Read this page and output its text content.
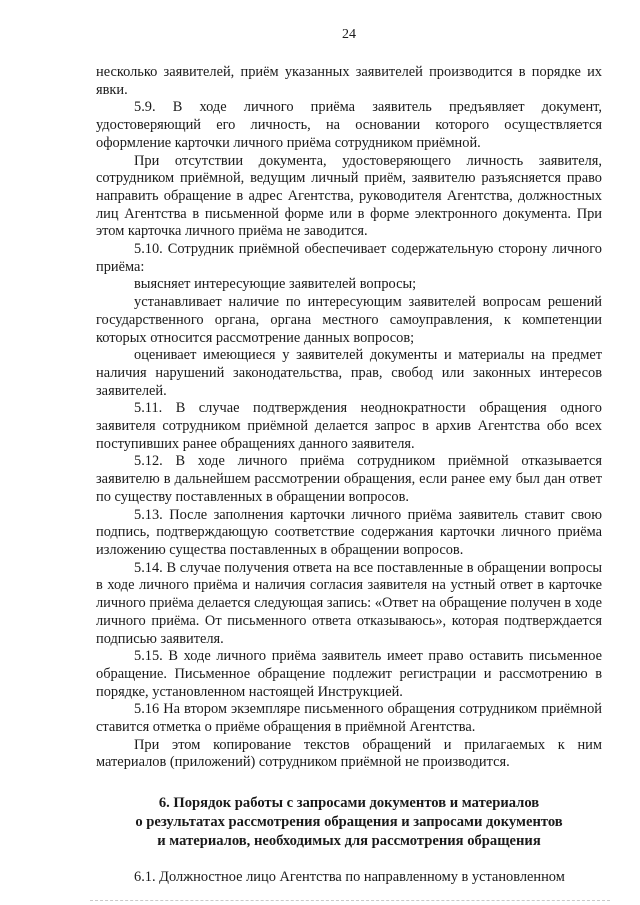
24

несколько заявителей, приём указанных заявителей производится в порядке их явки.

5.9. В ходе личного приёма заявитель предъявляет документ, удостоверяющий его личность, на основании которого осуществляется оформление карточки личного приёма сотрудником приёмной.

При отсутствии документа, удостоверяющего личность заявителя, сотрудником приёмной, ведущим личный приём, заявителю разъясняется право направить обращение в адрес Агентства, руководителя Агентства, должностных лиц Агентства в письменной форме или в форме электронного документа. При этом карточка личного приёма не заводится.

5.10. Сотрудник приёмной обеспечивает содержательную сторону личного приёма:

выясняет интересующие заявителей вопросы;

устанавливает наличие по интересующим заявителей вопросам решений государственного органа, органа местного самоуправления, к компетенции которых относится рассмотрение данных вопросов;

оценивает имеющиеся у заявителей документы и материалы на предмет наличия нарушений законодательства, прав, свобод или законных интересов заявителей.

5.11. В случае подтверждения неоднократности обращения одного заявителя сотрудником приёмной делается запрос в архив Агентства обо всех поступивших ранее обращениях данного заявителя.

5.12. В ходе личного приёма сотрудником приёмной отказывается заявителю в дальнейшем рассмотрении обращения, если ранее ему был дан ответ по существу поставленных в обращении вопросов.

5.13. После заполнения карточки личного приёма заявитель ставит свою подпись, подтверждающую соответствие содержания карточки личного приёма изложению существа поставленных в обращении вопросов.

5.14. В случае получения ответа на все поставленные в обращении вопросы в ходе личного приёма и наличия согласия заявителя на устный ответ в карточке личного приёма делается следующая запись: «Ответ на обращение получен в ходе личного приёма. От письменного ответа отказываюсь», которая подтверждается подписью заявителя.

5.15. В ходе личного приёма заявитель имеет право оставить письменное обращение. Письменное обращение подлежит регистрации и рассмотрению в порядке, установленном настоящей Инструкцией.

5.16 На втором экземпляре письменного обращения сотрудником приёмной ставится отметка о приёме обращения в приёмной Агентства.

При этом копирование текстов обращений и прилагаемых к ним материалов (приложений) сотрудником приёмной не производится.

6. Порядок работы с запросами документов и материалов
о результатах рассмотрения обращения и запросами документов
и материалов, необходимых для рассмотрения обращения

6.1. Должностное лицо Агентства по направленному в установленном
